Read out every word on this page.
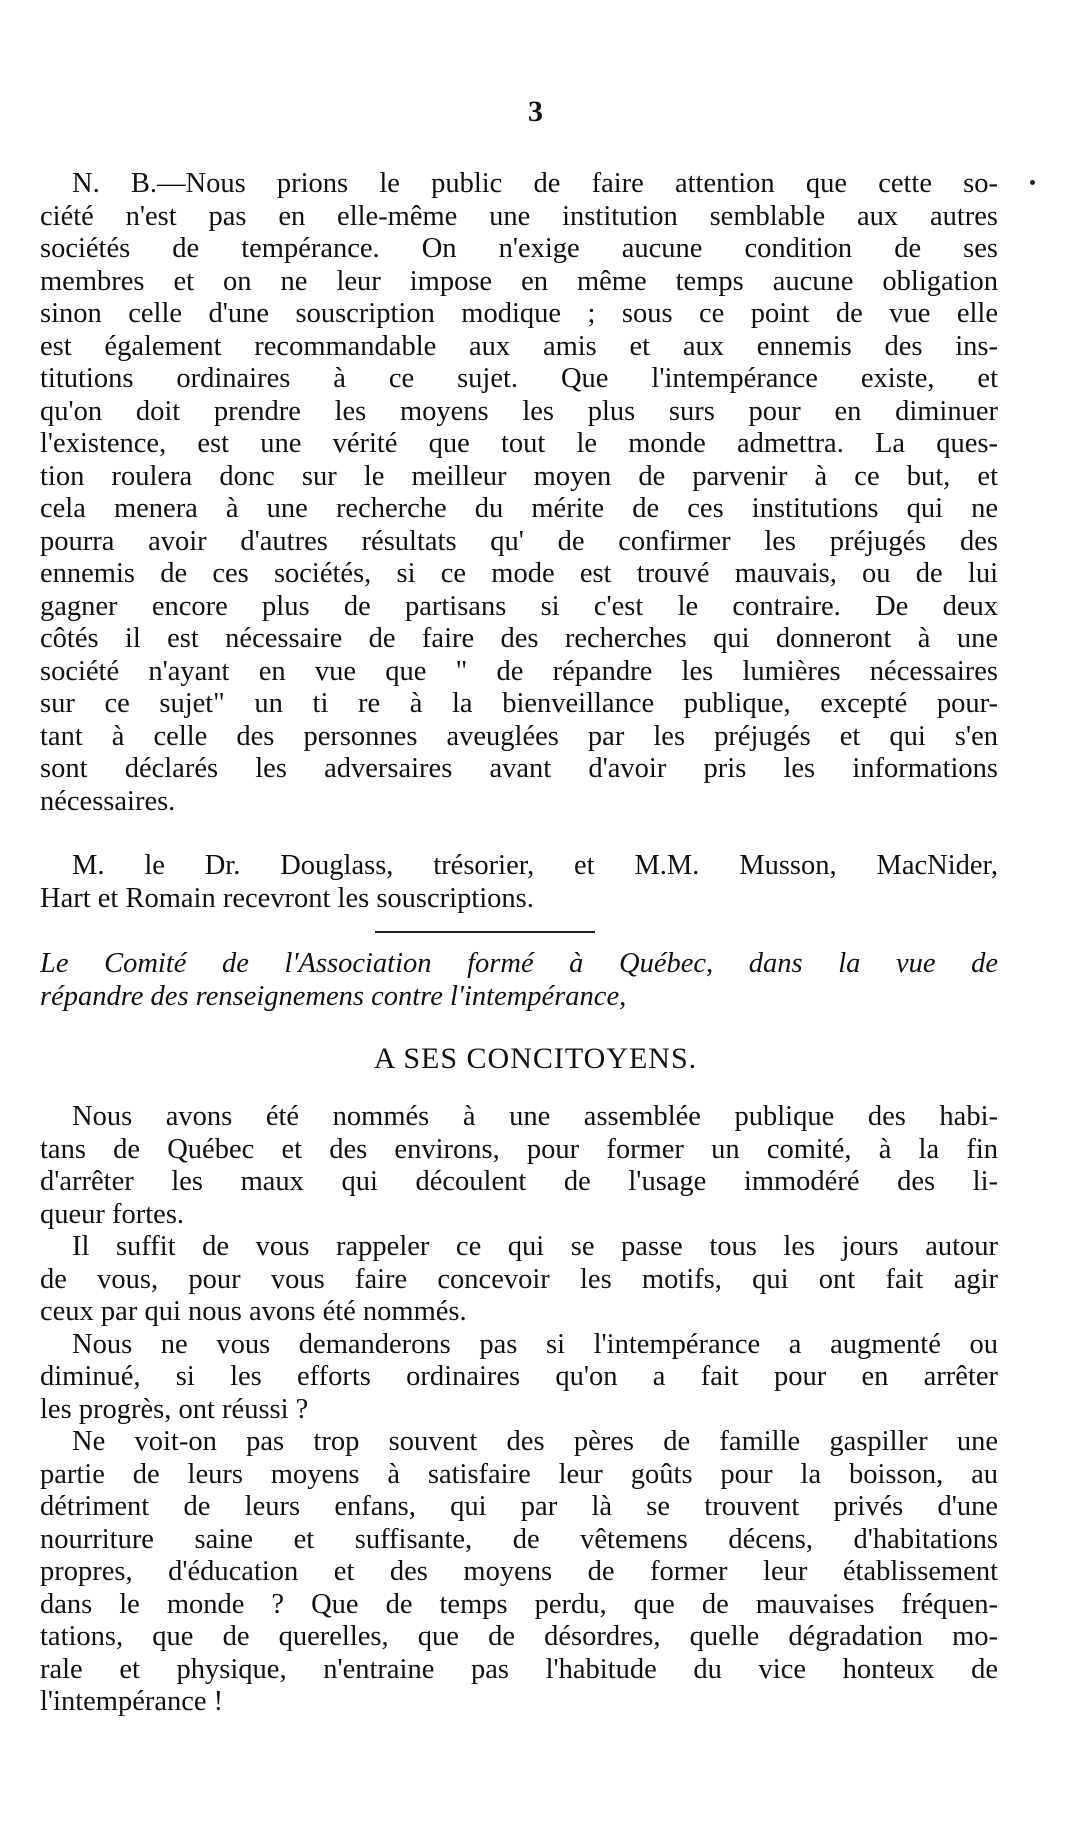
3
N. B.—Nous prions le public de faire attention que cette so-
ciété n'est pas en elle-même une institution semblable aux autres
sociétés de tempérance. On n'exige aucune condition de ses
membres et on ne leur impose en même temps aucune obligation
sinon celle d'une souscription modique ; sous ce point de vue elle
est également recommandable aux amis et aux ennemis des ins-
titutions ordinaires à ce sujet. Que l'intempérance existe, et
qu'on doit prendre les moyens les plus surs pour en diminuer
l'existence, est une vérité que tout le monde admettra. La ques-
tion roulera donc sur le meilleur moyen de parvenir à ce but, et
cela menera à une recherche du mérite de ces institutions qui ne
pourra avoir d'autres résultats qu' de confirmer les préjugés des
ennemis de ces sociétés, si ce mode est trouvé mauvais, ou de lui
gagner encore plus de partisans si c'est le contraire. De deux
côtés il est nécessaire de faire des recherches qui donneront à une
société n'ayant en vue que " de répandre les lumières nécessaires
sur ce sujet" un ti re à la bienveillance publique, excepté pour-
tant à celle des personnes aveuglées par les préjugés et qui s'en
sont déclarés les adversaires avant d'avoir pris les informations
nécessaires.
M. le Dr. Douglass, trésorier, et M.M. Musson, MacNider,
Hart et Romain recevront les souscriptions.
Le Comité de l'Association formé à Québec, dans la vue de
répandre des renseignemens contre l'intempérance,
A SES CONCITOYENS.
Nous avons été nommés à une assemblée publique des habi-
tans de Québec et des environs, pour former un comité, à la fin
d'arrêter les maux qui découlent de l'usage immodéré des li-
queur fortes.
Il suffit de vous rappeler ce qui se passe tous les jours autour
de vous, pour vous faire concevoir les motifs, qui ont fait agir
ceux par qui nous avons été nommés.
Nous ne vous demanderons pas si l'intempérance a augmenté ou
diminué, si les efforts ordinaires qu'on a fait pour en arrêter
les progrès, ont réussi ?
Ne voit-on pas trop souvent des pères de famille gaspiller une
partie de leurs moyens à satisfaire leur goûts pour la boisson, au
détriment de leurs enfans, qui par là se trouvent privés d'une
nourriture saine et suffisante, de vêtemens décens, d'habitations
propres, d'éducation et des moyens de former leur établissement
dans le monde ? Que de temps perdu, que de mauvaises fréquen-
tations, que de querelles, que de désordres, quelle dégradation mo-
rale et physique, n'entraine pas l'habitude du vice honteux de
l'intempérance !
